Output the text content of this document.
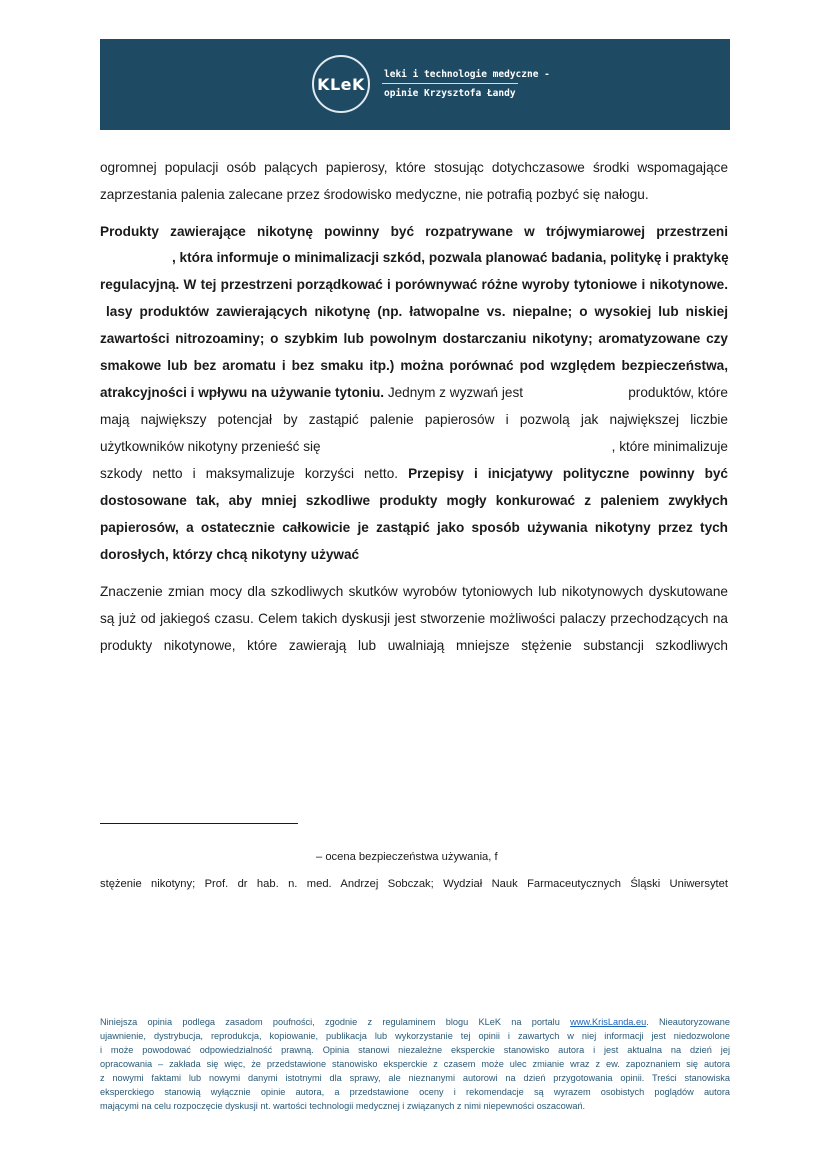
KLeK	leki i technologie medyczne -
opinie Krzysztofa Łandy
ogromnej populacji osób palących papierosy, które stosując dotychczasowe środki wspomagające
zaprzestania palenia zalecane przez środowisko medyczne, nie potrafią pozbyć się nałogu.
Produkty zawierające nikotynę powinny być rozpatrywane w trójwymiarowej przestrzeni
, która informuje o minimalizacji szkód, pozwala planować badania, politykę i praktykę
regulacyjną. W tej przestrzeni porządkować i porównywać różne wyroby tytoniowe i nikotynowe.
lasy produktów zawierających nikotynę (np. łatwopalne vs. niepalne; o wysokiej lub niskiej
zawartości nitrozoaminy; o szybkim lub powolnym dostarczaniu nikotyny; aromatyzowane czy
smakowe lub bez aromatu i bez smaku itp.) można porównać pod względem bezpieczeństwa,
atrakcyjności i wpływu na używanie tytoniu. Jednym z wyzwań jest	produktów, które
mają największy potencjał by zastąpić palenie papierosów i pozwolą jak największej liczbie
użytkowników nikotyny przenieść się	, które minimalizuje
szkody netto i maksymalizuje korzyści netto. Przepisy i inicjatywy polityczne powinny być
dostosowane tak, aby mniej szkodliwe produkty mogły konkurować z paleniem zwykłych
papierosów, a ostatecznie całkowicie je zastąpić jako sposób używania nikotyny przez tych
dorosłych, którzy chcą nikotyny używać
Znaczenie zmian mocy dla szkodliwych skutków wyrobów tytoniowych lub nikotynowych dyskutowane
są już od jakiegoś czasu. Celem takich dyskusji jest stworzenie możliwości palaczy przechodzących na
produkty nikotynowe, które zawierają lub uwalniają mniejsze stężenie substancji szkodliwych
– ocena bezpieczeństwa używania, f
stężenie nikotyny; Prof. dr hab. n. med. Andrzej Sobczak; Wydział Nauk Farmaceutycznych Śląski Uniwersytet
Niniejsza opinia podlega zasadom poufności, zgodnie z regulaminem blogu KLeK na portalu www.KrisLanda.eu. Nieautoryzowane
ujawnienie, dystrybucja, reprodukcja, kopiowanie, publikacja lub wykorzystanie tej opinii i zawartych w niej informacji jest niedozwolone
i może powodować odpowiedzialność prawną. Opinia stanowi niezależne eksperckie stanowisko autora i jest aktualna na dzień jej
opracowania – zakłada się więc, że przedstawione stanowisko eksperckie z czasem może ulec zmianie wraz z ew. zapoznaniem się autora
z nowymi faktami lub nowymi danymi istotnymi dla sprawy, ale nieznanymi autorowi na dzień przygotowania opinii. Treści stanowiska
eksperckiego stanowią wyłącznie opinie autora, a przedstawione oceny i rekomendacje są wyrazem osobistych poglądów autora
mającymi na celu rozpoczęcie dyskusji nt. wartości technologii medycznej i związanych z nimi niepewności oszacowań.
